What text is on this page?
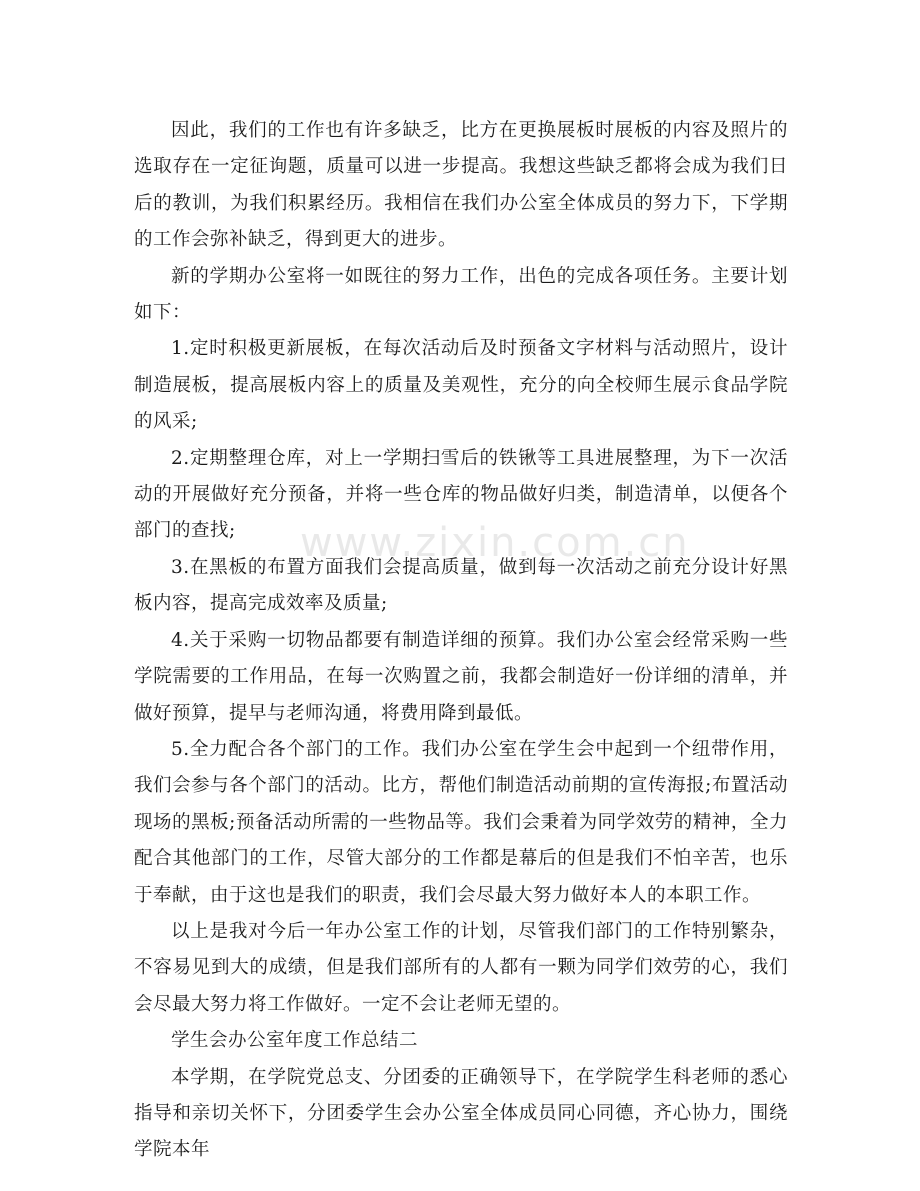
www.zixin.com.cn

因此，我们的工作也有许多缺乏，比方在更换展板时展板的内容及照片的选取存在一定征询题，质量可以进一步提高。我想这些缺乏都将会成为我们日后的教训，为我们积累经历。我相信在我们办公室全体成员的努力下，下学期的工作会弥补缺乏，得到更大的进步。

新的学期办公室将一如既往的努力工作，出色的完成各项任务。主要计划如下：

1.定时积极更新展板，在每次活动后及时预备文字材料与活动照片，设计制造展板，提高展板内容上的质量及美观性，充分的向全校师生展示食品学院的风采;

2.定期整理仓库，对上一学期扫雪后的铁锹等工具进展整理，为下一次活动的开展做好充分预备，并将一些仓库的物品做好归类，制造清单，以便各个部门的查找;

3.在黑板的布置方面我们会提高质量，做到每一次活动之前充分设计好黑板内容，提高完成效率及质量;

4.关于采购一切物品都要有制造详细的预算。我们办公室会经常采购一些学院需要的工作用品，在每一次购置之前，我都会制造好一份详细的清单，并做好预算，提早与老师沟通，将费用降到最低。

5.全力配合各个部门的工作。我们办公室在学生会中起到一个纽带作用，我们会参与各个部门的活动。比方，帮他们制造活动前期的宣传海报;布置活动现场的黑板;预备活动所需的一些物品等。我们会秉着为同学效劳的精神，全力配合其他部门的工作，尽管大部分的工作都是幕后的但是我们不怕辛苦，也乐于奉献，由于这也是我们的职责，我们会尽最大努力做好本人的本职工作。

以上是我对今后一年办公室工作的计划，尽管我们部门的工作特别繁杂，不容易见到大的成绩，但是我们部所有的人都有一颗为同学们效劳的心，我们会尽最大努力将工作做好。一定不会让老师无望的。

学生会办公室年度工作总结二

本学期，在学院党总支、分团委的正确领导下，在学院学生科老师的悉心指导和亲切关怀下，分团委学生会办公室全体成员同心同德，齐心协力，围绕学院本年
